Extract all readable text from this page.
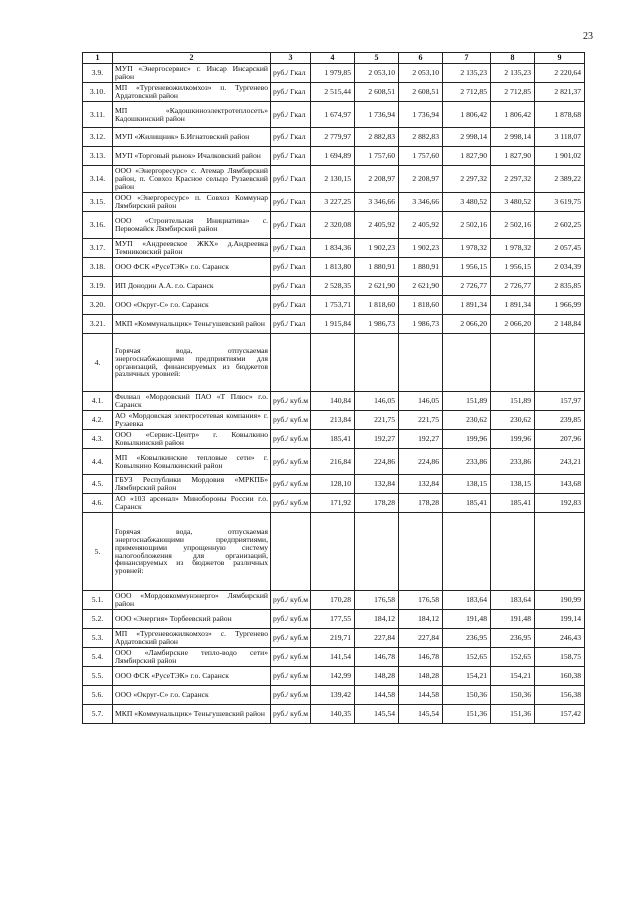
23
1	2	3	4	5	6	7	8	9
3.9.	МУП «Энергосервис» г. Инсар Инсарский район	руб./ Гкал	1 979,85	2 053,10	2 053,10	2 135,23	2 135,23	2 220,64
3.10.	МП «Тургеневожилкомхоз» п. Тургенево Ардатовский район	руб./ Гкал	2 515,44	2 608,51	2 608,51	2 712,85	2 712,85	2 821,37
3.11.	МП «Кадошкиноэлектротеплосеть» Кадошкинский район	руб./ Гкал	1 674,97	1 736,94	1 736,94	1 806,42	1 806,42	1 878,68
3.12.	МУП «Жилищник» Б.Игнатовский район	руб./ Гкал	2 779,97	2 882,83	2 882,83	2 998,14	2 998,14	3 118,07
3.13.	МУП «Торговый рынок» Ичалковский район	руб./ Гкал	1 694,89	1 757,60	1 757,60	1 827,90	1 827,90	1 901,02
3.14.	ООО «Энергоресурс» с. Атемар Лямбирский район, п. Совхоз Красное сельцо Рузаевский район	руб./ Гкал	2 130,15	2 208,97	2 208,97	2 297,32	2 297,32	2 389,22
3.15.	ООО «Энергоресурс» п. Совхоз Коммунар Лямбирский район	руб./ Гкал	3 227,25	3 346,66	3 346,66	3 480,52	3 480,52	3 619,75
3.16.	ООО «Строительная Инициатива» с. Первомайск Лямбирский район	руб./ Гкал	2 320,08	2 405,92	2 405,92	2 502,16	2 502,16	2 602,25
3.17.	МУП «Андреевское ЖКХ» д.Андреевка Темниковский район	руб./ Гкал	1 834,36	1 902,23	1 902,23	1 978,32	1 978,32	2 057,45
3.18.	ООО ФСК «РусеТЭК» г.о. Саранск	руб./ Гкал	1 813,80	1 880,91	1 880,91	1 956,15	1 956,15	2 034,39
3.19.	ИП Донодин А.А. г.о. Саранск	руб./ Гкал	2 528,35	2 621,90	2 621,90	2 726,77	2 726,77	2 835,85
3.20.	ООО «Округ-С» г.о. Саранск	руб./ Гкал	1 753,71	1 818,60	1 818,60	1 891,34	1 891,34	1 966,99
3.21.	МКП «Коммунальщик» Теньгушевский район	руб./ Гкал	1 915,84	1 986,73	1 986,73	2 066,20	2 066,20	2 148,84
4.	Горячая вода, отпускаемая энергоснабжающими предприятиями для организаций, финансируемых из бюджетов различных уровней:							
4.1.	Филиал «Мордовский ПАО «Т Плюс» г.о. Саранск	руб./ куб.м	140,84	146,05	146,05	151,89	151,89	157,97
4.2.	АО «Мордовская электросетевая компания» г. Рузаевка	руб./ куб.м	213,84	221,75	221,75	230,62	230,62	239,85
4.3.	ООО «Сервис-Центр» г. Ковылкино Ковылкинский район	руб./ куб.м	185,41	192,27	192,27	199,96	199,96	207,96
4.4.	МП «Ковылкинские тепловые сети» г. Ковылкино Ковылкинский район	руб./ куб.м	216,84	224,86	224,86	233,86	233,86	243,21
4.5.	ГБУЗ Республики Мордовия «МРКПБ» Лямбирский район	руб./ куб.м	128,10	132,84	132,84	138,15	138,15	143,68
4.6.	АО «103 арсенал» Минобороны России г.о. Саранск	руб./ куб.м	171,92	178,28	178,28	185,41	185,41	192,83
5.	Горячая вода, отпускаемая энергоснабжающими предприятиями, применяющими упрощенную систему налогообложения для организаций, финансируемых из бюджетов различных уровней:							
5.1.	ООО «Мордовкоммунэнерго» Лямбирский район	руб./ куб.м	170,28	176,58	176,58	183,64	183,64	190,99
5.2.	ООО «Энергия» Торбеевский район	руб./ куб.м	177,55	184,12	184,12	191,48	191,48	199,14
5.3.	МП «Тургеневожилкомхоз» с. Тургенево Ардатовский район	руб./ куб.м	219,71	227,84	227,84	236,95	236,95	246,43
5.4.	ООО «Ламбирские тепло-водо сети» Лямбирский район	руб./ куб.м	141,54	146,78	146,78	152,65	152,65	158,75
5.5.	ООО ФСК «РусеТЭК» г.о. Саранск	руб./ куб.м	142,99	148,28	148,28	154,21	154,21	160,38
5.6.	ООО «Округ-С» г.о. Саранск	руб./ куб.м	139,42	144,58	144,58	150,36	150,36	156,38
5.7.	МКП «Коммунальщик» Теньгушевский район	руб./ куб.м	140,35	145,54	145,54	151,36	151,36	157,42
